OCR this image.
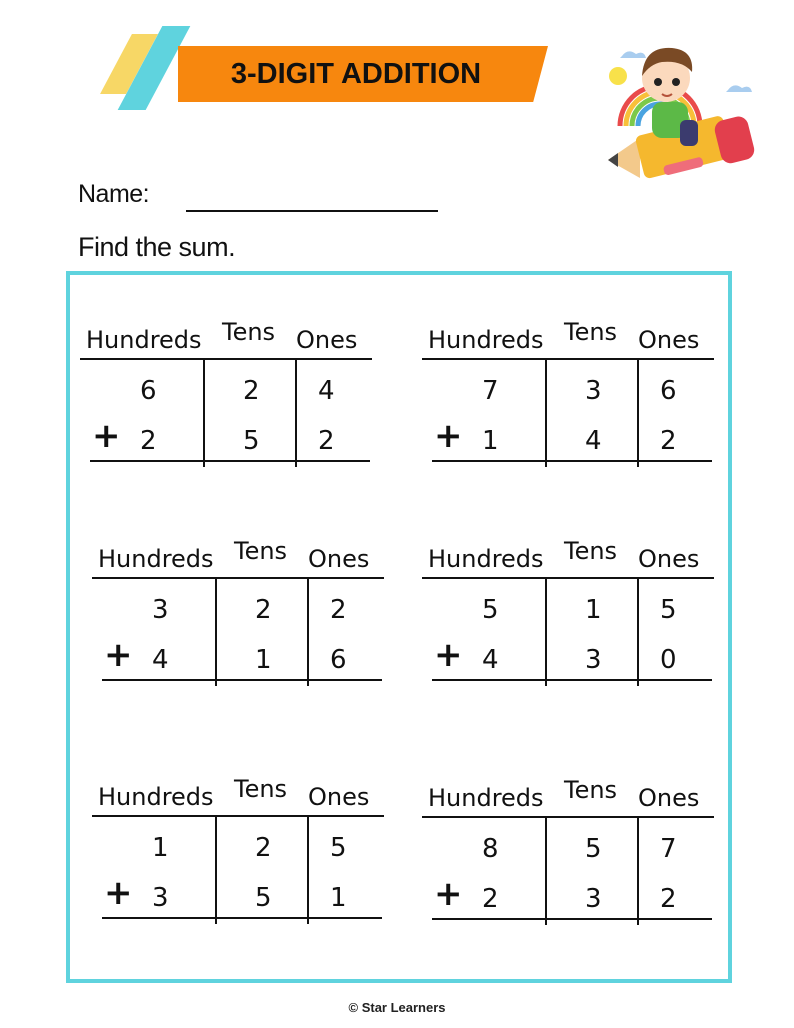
3-DIGIT ADDITION
Name:
Find the sum.
Hundreds Tens Ones
6	2 4
+ 2	5 2
Hundreds Tens Ones
7	3 6
+ 1	4 2
Hundreds Tens Ones
3	2 2
+ 4	1 6
Hundreds Tens Ones
5	1 5
+ 4	3 0
Hundreds Tens Ones
1	2 5
+ 3	5 1
Hundreds Tens Ones
8	5 7
+ 2	3 2
© Star Learners
